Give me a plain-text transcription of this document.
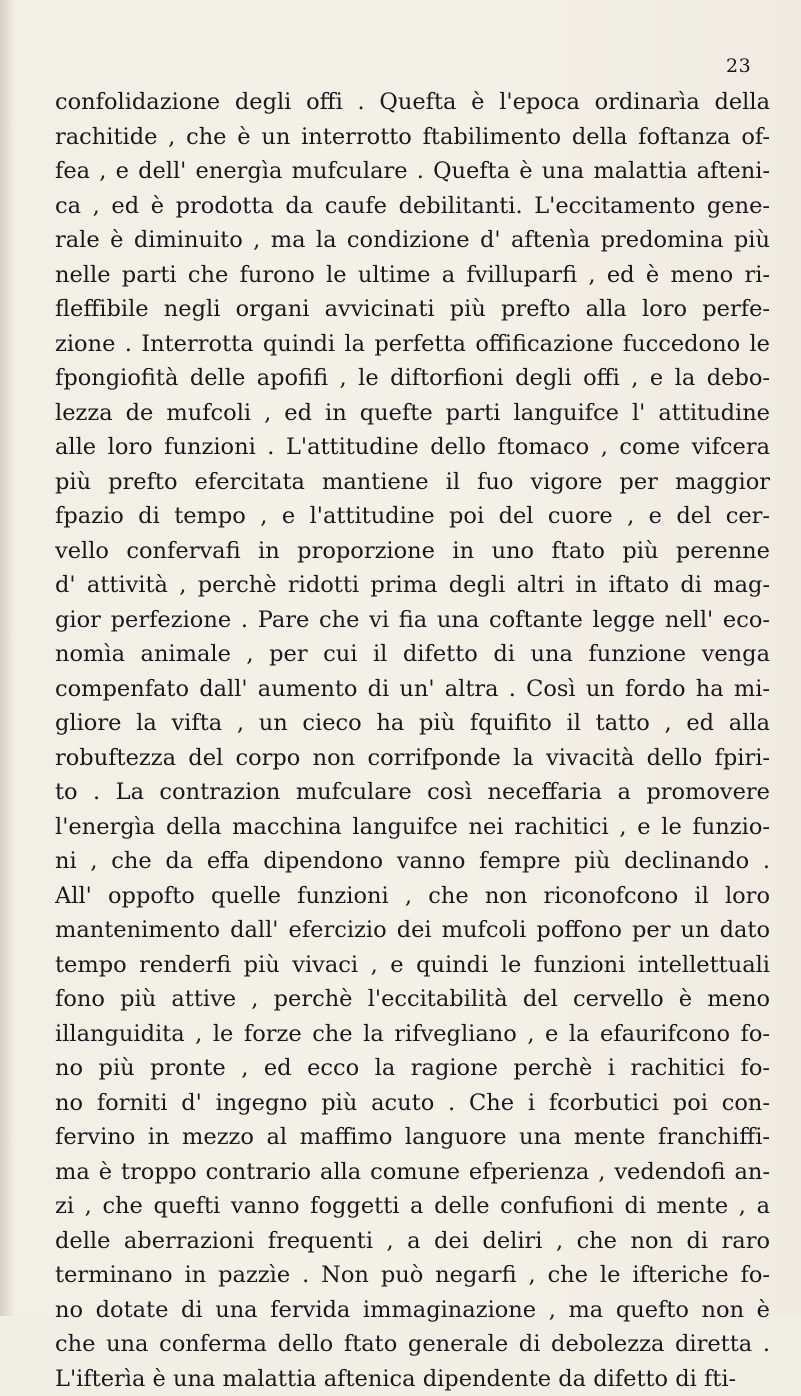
23
confolidazione degli offi . Quefta è l'epoca ordinarìa della
rachitide , che è un interrotto ftabilimento della foftanza of-
fea , e dell' energìa mufculare . Quefta è una malattia afteni-
ca , ed è prodotta da caufe debilitanti. L'eccitamento gene-
rale è diminuito , ma la condizione d' aftenìa predomina più
nelle parti che furono le ultime a fvilluparfi , ed è meno ri-
fleffibile negli organi avvicinati più prefto alla loro perfe-
zione . Interrotta quindi la perfetta offificazione fuccedono le
fpongiofità delle apofifi , le diftorfioni degli offi , e la debo-
lezza de mufcoli , ed in quefte parti languifce l' attitudine
alle loro funzioni . L'attitudine dello ftomaco , come vifcera
più prefto efercitata mantiene il fuo vigore per maggior
fpazio di tempo , e l'attitudine poi del cuore , e del cer-
vello confervafi in proporzione in uno ftato più perenne
d' attività , perchè ridotti prima degli altri in iftato di mag-
gior perfezione . Pare che vi fia una coftante legge nell' eco-
nomìa animale , per cui il difetto di una funzione venga
compenfato dall' aumento di un' altra . Così un fordo ha mi-
gliore la vifta , un cieco ha più fquifito il tatto , ed alla
robuftezza del corpo non corrifponde la vivacità dello fpiri-
to . La contrazion mufculare così neceffaria a promovere
l'energìa della macchina languifce nei rachitici , e le funzio-
ni , che da effa dipendono vanno fempre più declinando .
All' oppofto quelle funzioni , che non riconofcono il loro
mantenimento dall' efercizio dei mufcoli poffono per un dato
tempo renderfi più vivaci , e quindi le funzioni intellettuali
fono più attive , perchè l'eccitabilità del cervello è meno
illanguidita , le forze che la rifvegliano , e la efaurifcono fo-
no più pronte , ed ecco la ragione perchè i rachitici fo-
no forniti d' ingegno più acuto . Che i fcorbutici poi con-
fervino in mezzo al maffimo languore una mente franchiffi-
ma è troppo contrario alla comune efperienza , vedendofi an-
zi , che quefti vanno foggetti a delle confufioni di mente , a
delle aberrazioni frequenti , a dei deliri , che non di raro
terminano in pazzìe . Non può negarfi , che le ifteriche fo-
no dotate di una fervida immaginazione , ma quefto non è
che una conferma dello ftato generale di debolezza diretta .
L'ifterìa è una malattia aftenica dipendente da difetto di fti-
